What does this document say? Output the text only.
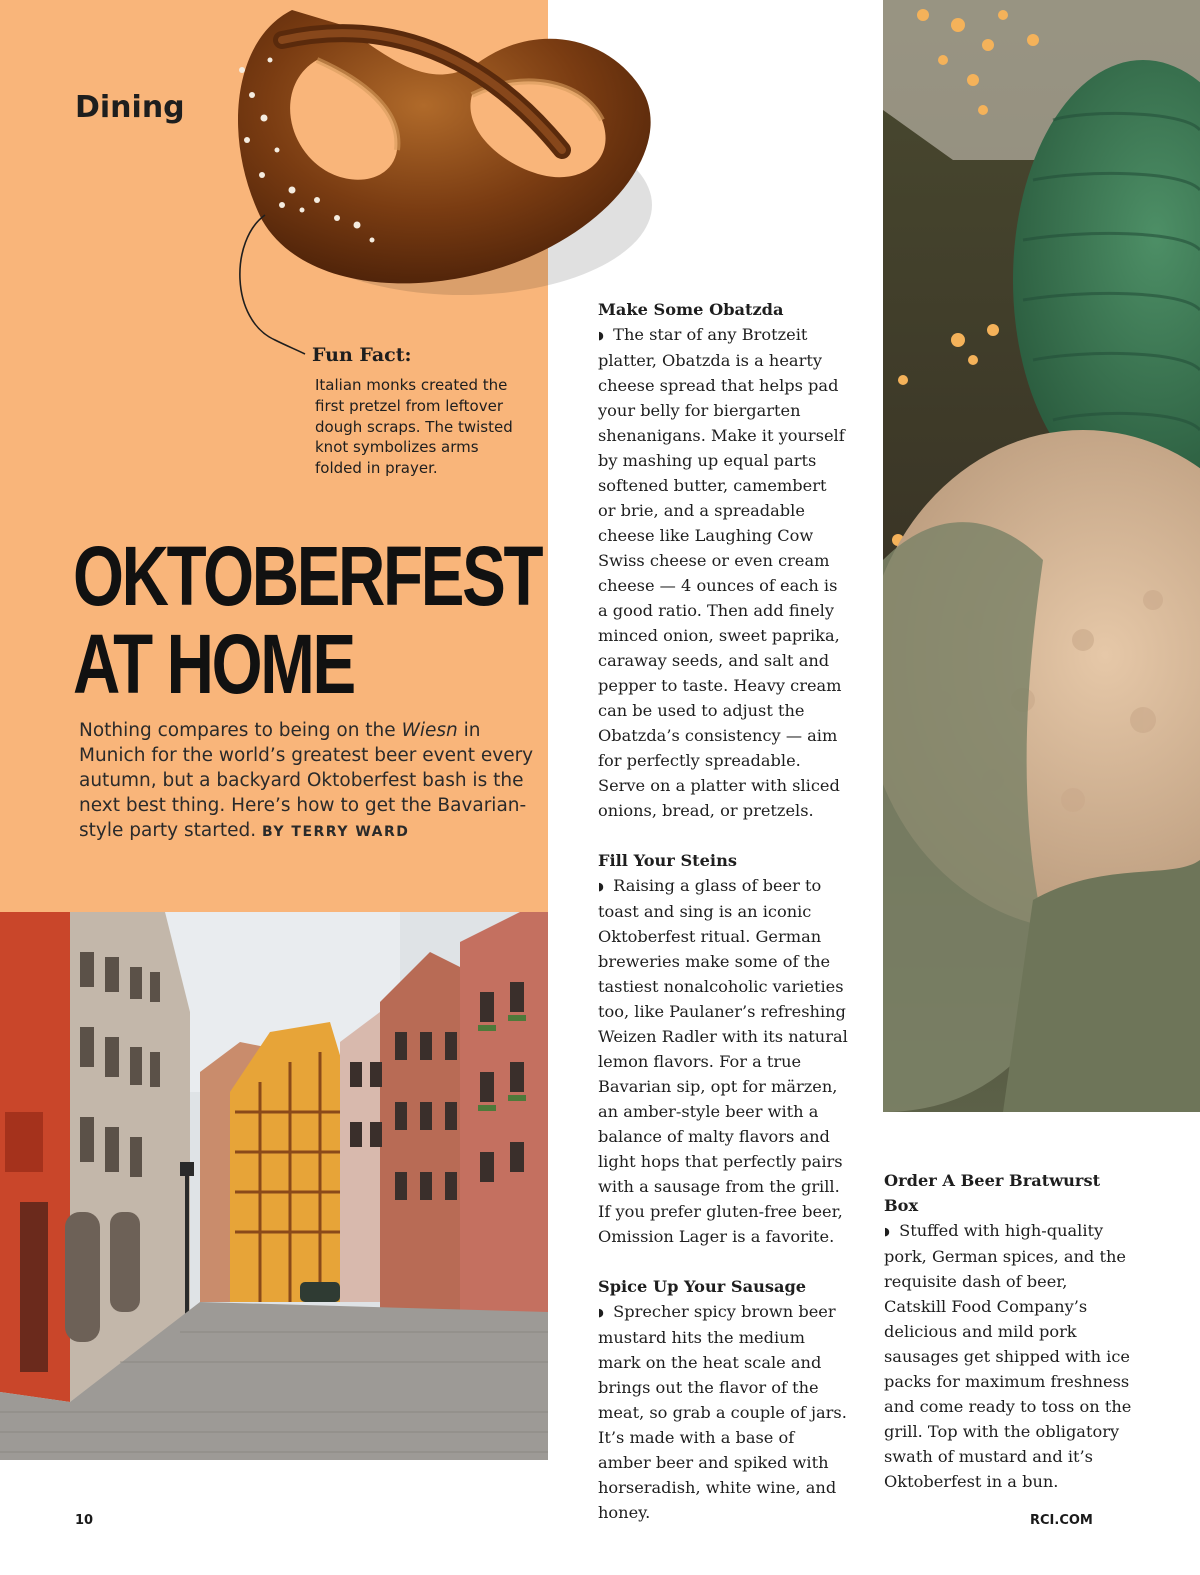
Dining
Fun Fact:
Italian monks created the first pretzel from leftover dough scraps. The twisted knot symbolizes arms folded in prayer.
OKTOBERFEST
AT HOME
Nothing compares to being on the Wiesn in Munich for the world’s greatest beer event every autumn, but a backyard Oktoberfest bash is the next best thing. Here’s how to get the Bavarian-style party started. BY TERRY WARD
Make Some Obatzda

◗ The star of any Brotzeit platter, Obatzda is a hearty cheese spread that helps pad your belly for biergarten shenanigans. Make it yourself by mashing up equal parts softened butter, camembert or brie, and a spreadable cheese like Laughing Cow Swiss cheese or even cream cheese — 4 ounces of each is a good ratio. Then add finely minced onion, sweet paprika, caraway seeds, and salt and pepper to taste. Heavy cream can be used to adjust the Obatzda’s consistency — aim for perfectly spreadable. Serve on a platter with sliced onions, bread, or pretzels.

Fill Your Steins

◗ Raising a glass of beer to toast and sing is an iconic Oktoberfest ritual. German breweries make some of the tastiest nonalcoholic varieties too, like Paulaner’s refreshing Weizen Radler with its natural lemon flavors. For a true Bavarian sip, opt for märzen, an amber-style beer with a balance of malty flavors and light hops that perfectly pairs with a sausage from the grill. If you prefer gluten-free beer, Omission Lager is a favorite.

Spice Up Your Sausage

◗ Sprecher spicy brown beer mustard hits the medium mark on the heat scale and brings out the flavor of the meat, so grab a couple of jars. It’s made with a base of amber beer and spiked with horseradish, white wine, and honey.

Order A Beer Bratwurst Box

◗ Stuffed with high-quality pork, German spices, and the requisite dash of beer, Catskill Food Company’s delicious and mild pork sausages get shipped with ice packs for maximum freshness and come ready to toss on the grill. Top with the obligatory swath of mustard and it’s Oktoberfest in a bun.

10	RCI.COM
